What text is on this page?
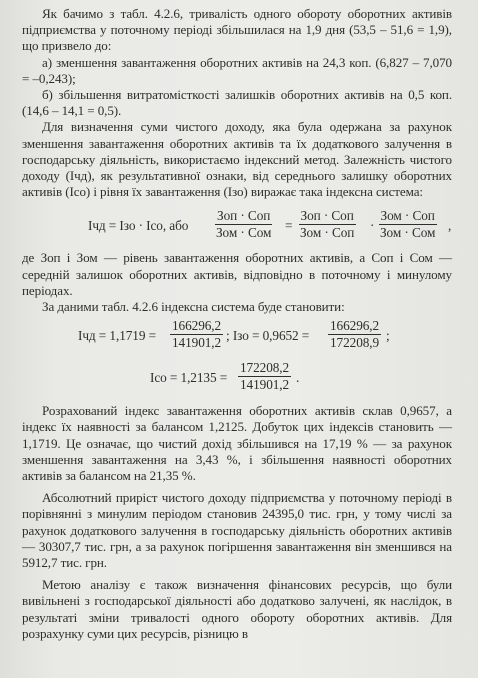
Як бачимо з табл. 4.2.6, тривалість одного обороту оборотних активів підприємства у поточному періоді збільшилася на 1,9 дня (53,5 – 51,6 = 1,9), що призвело до:

а) зменшення завантаження оборотних активів на 24,3 коп. (6,827 – 7,070 = –0,243);

б) збільшення витратомісткості залишків оборотних активів на 0,5 коп. (14,6 – 14,1 = 0,5).

Для визначення суми чистого доходу, яка була одержана за рахунок зменшення завантаження оборотних активів та їх додаткового залучення в господарську діяльність, використаємо індексний метод. Залежність чистого доходу (Ічд), як результативної ознаки, від середнього залишку оборотних активів (Ісо) і рівня їх завантаження (Ізо) виражає така індексна система:

Ічд = Ізо · Ісо, або
Зоп · Соп
Зом · Сом =
Зоп · Соп
Зом · Соп ·
Зом · Соп
Зом · Сом ,

де Зоп і Зом — рівень завантаження оборотних активів, а Соп і Сом — середній залишок оборотних активів, відповідно в поточному і минулому періодах.

За даними табл. 4.2.6 індексна система буде становити:

Ічд = $1,1719 = \frac{166296,2}{141901,2}$ ; Ізо = $0,9652 = \frac{166296,2}{172208,9}$ ;
Ісо = $1,2135 = \frac{172208,2}{141901,2}$ .

Розрахований індекс завантаження оборотних активів склав 0,9657, а індекс їх наявності за балансом 1,2125. Добуток цих індексів становить — 1,1719. Це означає, що чистий дохід збільшився на 17,19 % — за рахунок зменшення завантаження на 3,43 %, і збільшення наявності оборотних активів за балансом на 21,35 %.

Абсолютний приріст чистого доходу підприємства у поточному періоді в порівнянні з минулим періодом становив 24395,0 тис. грн, у тому числі за рахунок додаткового залучення в господарську діяльність оборотних активів — 30307,7 тис. грн, а за рахунок погіршення завантаження він зменшився на 5912,7 тис. грн.

Метою аналізу є також визначення фінансових ресурсів, що були вивільнені з господарської діяльності або додатково залучені, як наслідок, в результаті зміни тривалості одного обороту оборотних активів. Для розрахунку суми цих ресурсів, різницю в
